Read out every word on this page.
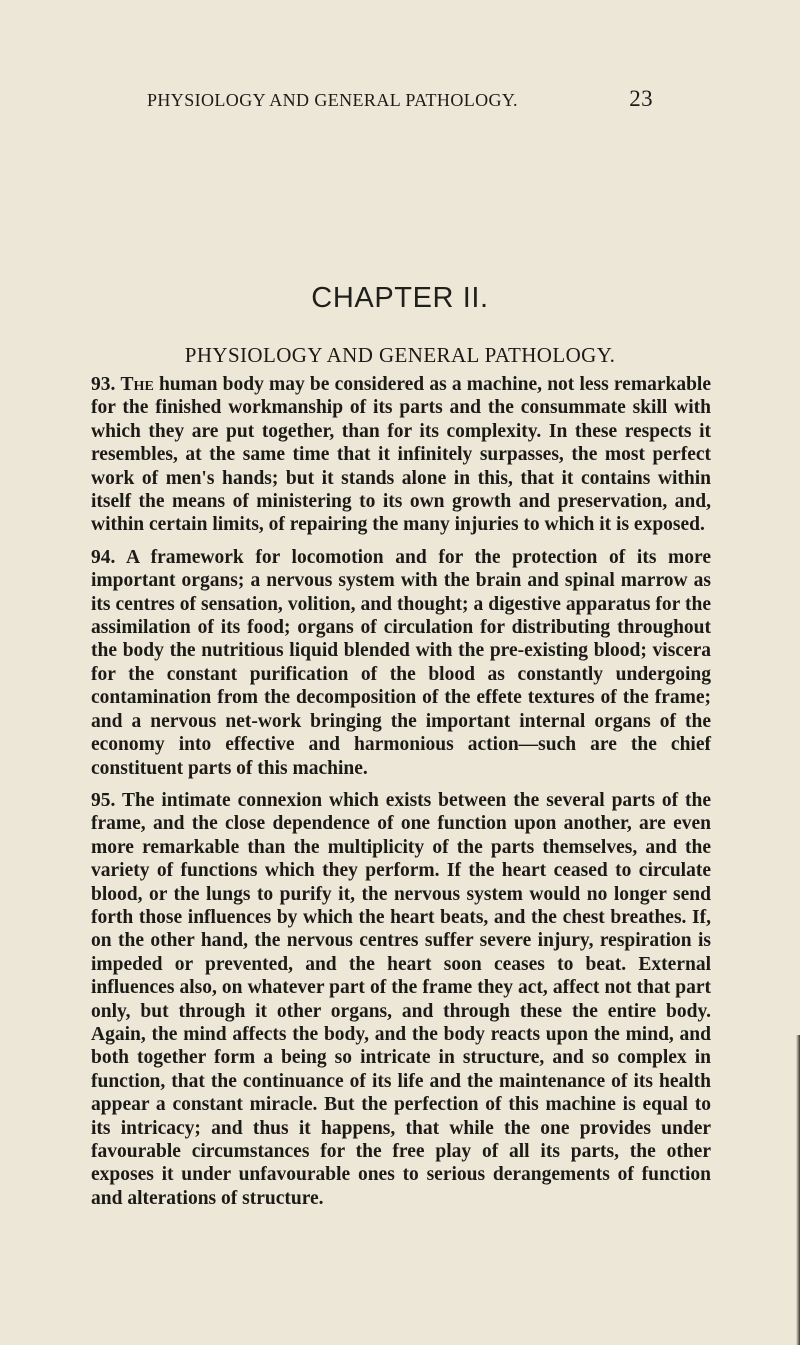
PHYSIOLOGY AND GENERAL PATHOLOGY.	23
CHAPTER II.
PHYSIOLOGY AND GENERAL PATHOLOGY.

93. The human body may be considered as a machine, not less remarkable for the finished workmanship of its parts and the consummate skill with which they are put together, than for its complexity. In these respects it resembles, at the same time that it infinitely surpasses, the most perfect work of men's hands; but it stands alone in this, that it contains within itself the means of ministering to its own growth and preservation, and, within certain limits, of repairing the many injuries to which it is exposed.

94. A framework for locomotion and for the protection of its more important organs; a nervous system with the brain and spinal marrow as its centres of sensation, volition, and thought; a digestive apparatus for the assimilation of its food; organs of circulation for distributing throughout the body the nutritious liquid blended with the pre-existing blood; viscera for the constant purification of the blood as constantly undergoing contamination from the decomposition of the effete textures of the frame; and a nervous net-work bringing the important internal organs of the economy into effective and harmonious action—such are the chief constituent parts of this machine.

95. The intimate connexion which exists between the several parts of the frame, and the close dependence of one function upon another, are even more remarkable than the multiplicity of the parts themselves, and the variety of functions which they perform. If the heart ceased to circulate blood, or the lungs to purify it, the nervous system would no longer send forth those influences by which the heart beats, and the chest breathes. If, on the other hand, the nervous centres suffer severe injury, respiration is impeded or prevented, and the heart soon ceases to beat. External influences also, on whatever part of the frame they act, affect not that part only, but through it other organs, and through these the entire body. Again, the mind affects the body, and the body reacts upon the mind, and both together form a being so intricate in structure, and so complex in function, that the continuance of its life and the maintenance of its health appear a constant miracle. But the perfection of this machine is equal to its intricacy; and thus it happens, that while the one provides under favourable circumstances for the free play of all its parts, the other exposes it under unfavourable ones to serious derangements of function and alterations of structure.
